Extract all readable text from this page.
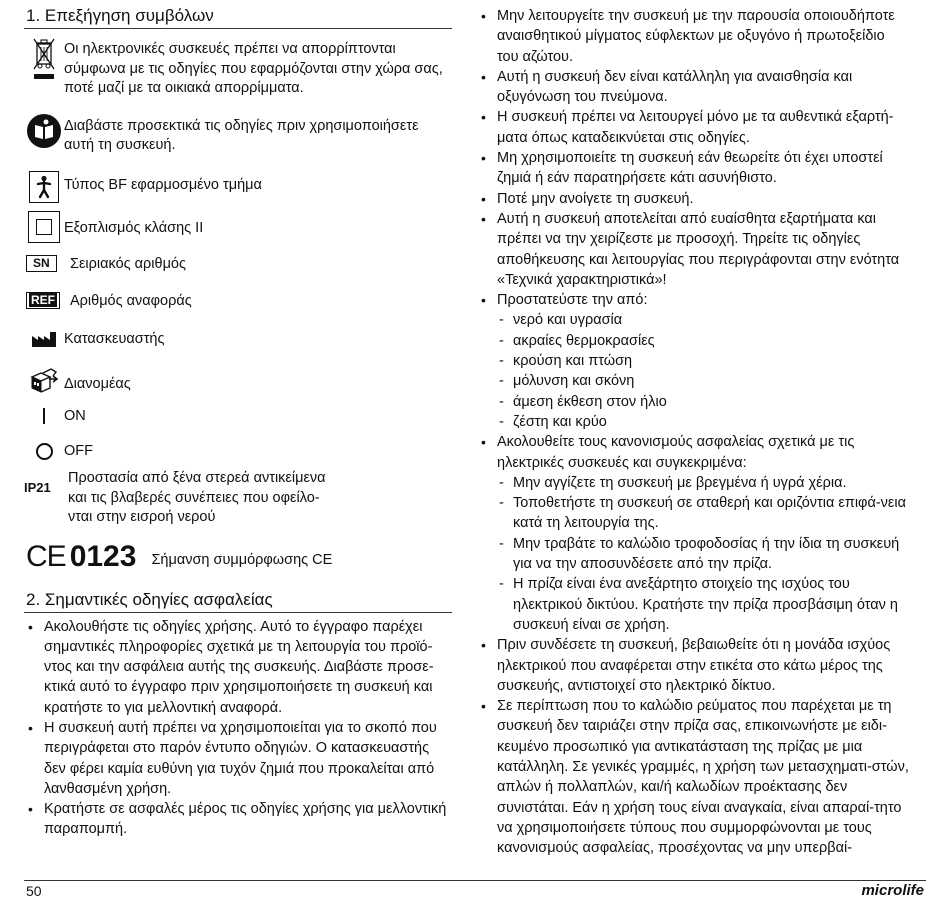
1. Επεξήγηση συμβόλων
Οι ηλεκτρονικές συσκευές πρέπει να απορρίπτονται σύμφωνα με τις οδηγίες που εφαρμόζονται στην χώρα σας, ποτέ μαζί με τα οικιακά απορρίμματα.
Διαβάστε προσεκτικά τις οδηγίες πριν χρησιμοποιήσετε αυτή τη συσκευή.
Τύπος BF εφαρμοσμένο τμήμα
Εξοπλισμός κλάσης II
SN	Σειριακός αριθμός
REF	Αριθμός αναφοράς
Κατασκευαστής
Διανομέας
ON
OFF
IP21
Προστασία από ξένα στερεά αντικείμενα και τις βλαβερές συνέπειες που οφείλο-νται στην εισροή νερού
CE 0123 Σήμανση συμμόρφωσης CE
2. Σημαντικές οδηγίες ασφαλείας
• Ακολουθήστε τις οδηγίες χρήσης. Αυτό το έγγραφο παρέχει σημαντικές πληροφορίες σχετικά με τη λειτουργία του προϊό-ντος και την ασφάλεια αυτής της συσκευής. Διαβάστε προσε-κτικά αυτό το έγγραφο πριν χρησιμοποιήσετε τη συσκευή και κρατήστε το για μελλοντική αναφορά.
• Η συσκευή αυτή πρέπει να χρησιμοποιείται για το σκοπό που περιγράφεται στο παρόν έντυπο οδηγιών. Ο κατασκευαστής δεν φέρει καμία ευθύνη για τυχόν ζημιά που προκαλείται από λανθασμένη χρήση.
• Κρατήστε σε ασφαλές μέρος τις οδηγίες χρήσης για μελλοντική παραπομπή.
• Μην λειτουργείτε την συσκευή με την παρουσία οποιουδήποτε αναισθητικού μίγματος εύφλεκτων με οξυγόνο ή πρωτοξείδιο του αζώτου.
• Αυτή η συσκευή δεν είναι κατάλληλη για αναισθησία και οξυγόνωση του πνεύμονα.
• Η συσκευή πρέπει να λειτουργεί μόνο με τα αυθεντικά εξαρτή-ματα όπως καταδεικνύεται στις οδηγίες.
• Μη χρησιμοποιείτε τη συσκευή εάν θεωρείτε ότι έχει υποστεί ζημιά ή εάν παρατηρήσετε κάτι ασυνήθιστο.
• Ποτέ μην ανοίγετε τη συσκευή.
• Αυτή η συσκευή αποτελείται από ευαίσθητα εξαρτήματα και πρέπει να την χειρίζεστε με προσοχή. Τηρείτε τις οδηγίες αποθήκευσης και λειτουργίας που περιγράφονται στην ενότητα «Τεχνικά χαρακτηριστικά»!
• Προστατεύστε την από:
- νερό και υγρασία
- ακραίες θερμοκρασίες
- κρούση και πτώση
- μόλυνση και σκόνη
- άμεση έκθεση στον ήλιο
- ζέστη και κρύο
• Ακολουθείτε τους κανονισμούς ασφαλείας σχετικά με τις ηλεκτρικές συσκευές και συγκεκριμένα:
- Μην αγγίζετε τη συσκευή με βρεγμένα ή υγρά χέρια.
- Τοποθετήστε τη συσκευή σε σταθερή και οριζόντια επιφά-νεια κατά τη λειτουργία της.
- Μην τραβάτε το καλώδιο τροφοδοσίας ή την ίδια τη συσκευή για να την αποσυνδέσετε από την πρίζα.
- Η πρίζα είναι ένα ανεξάρτητο στοιχείο της ισχύος του ηλεκτρικού δικτύου. Κρατήστε την πρίζα προσβάσιμη όταν η συσκευή είναι σε χρήση.
• Πριν συνδέσετε τη συσκευή, βεβαιωθείτε ότι η μονάδα ισχύος ηλεκτρικού που αναφέρεται στην ετικέτα στο κάτω μέρος της συσκευής, αντιστοιχεί στο ηλεκτρικό δίκτυο.
• Σε περίπτωση που το καλώδιο ρεύματος που παρέχεται με τη συσκευή δεν ταιριάζει στην πρίζα σας, επικοινωνήστε με ειδι-κευμένο προσωπικό για αντικατάσταση της πρίζας με μια κατάλληλη. Σε γενικές γραμμές, η χρήση των μετασχηματι-στών, απλών ή πολλαπλών, και/ή καλωδίων προέκτασης δεν συνιστάται. Εάν η χρήση τους είναι αναγκαία, είναι απαραί-τητο να χρησιμοποιήσετε τύπους που συμμορφώνονται με τους κανονισμούς ασφαλείας, προσέχοντας να μην υπερβαί-
50	microlife
